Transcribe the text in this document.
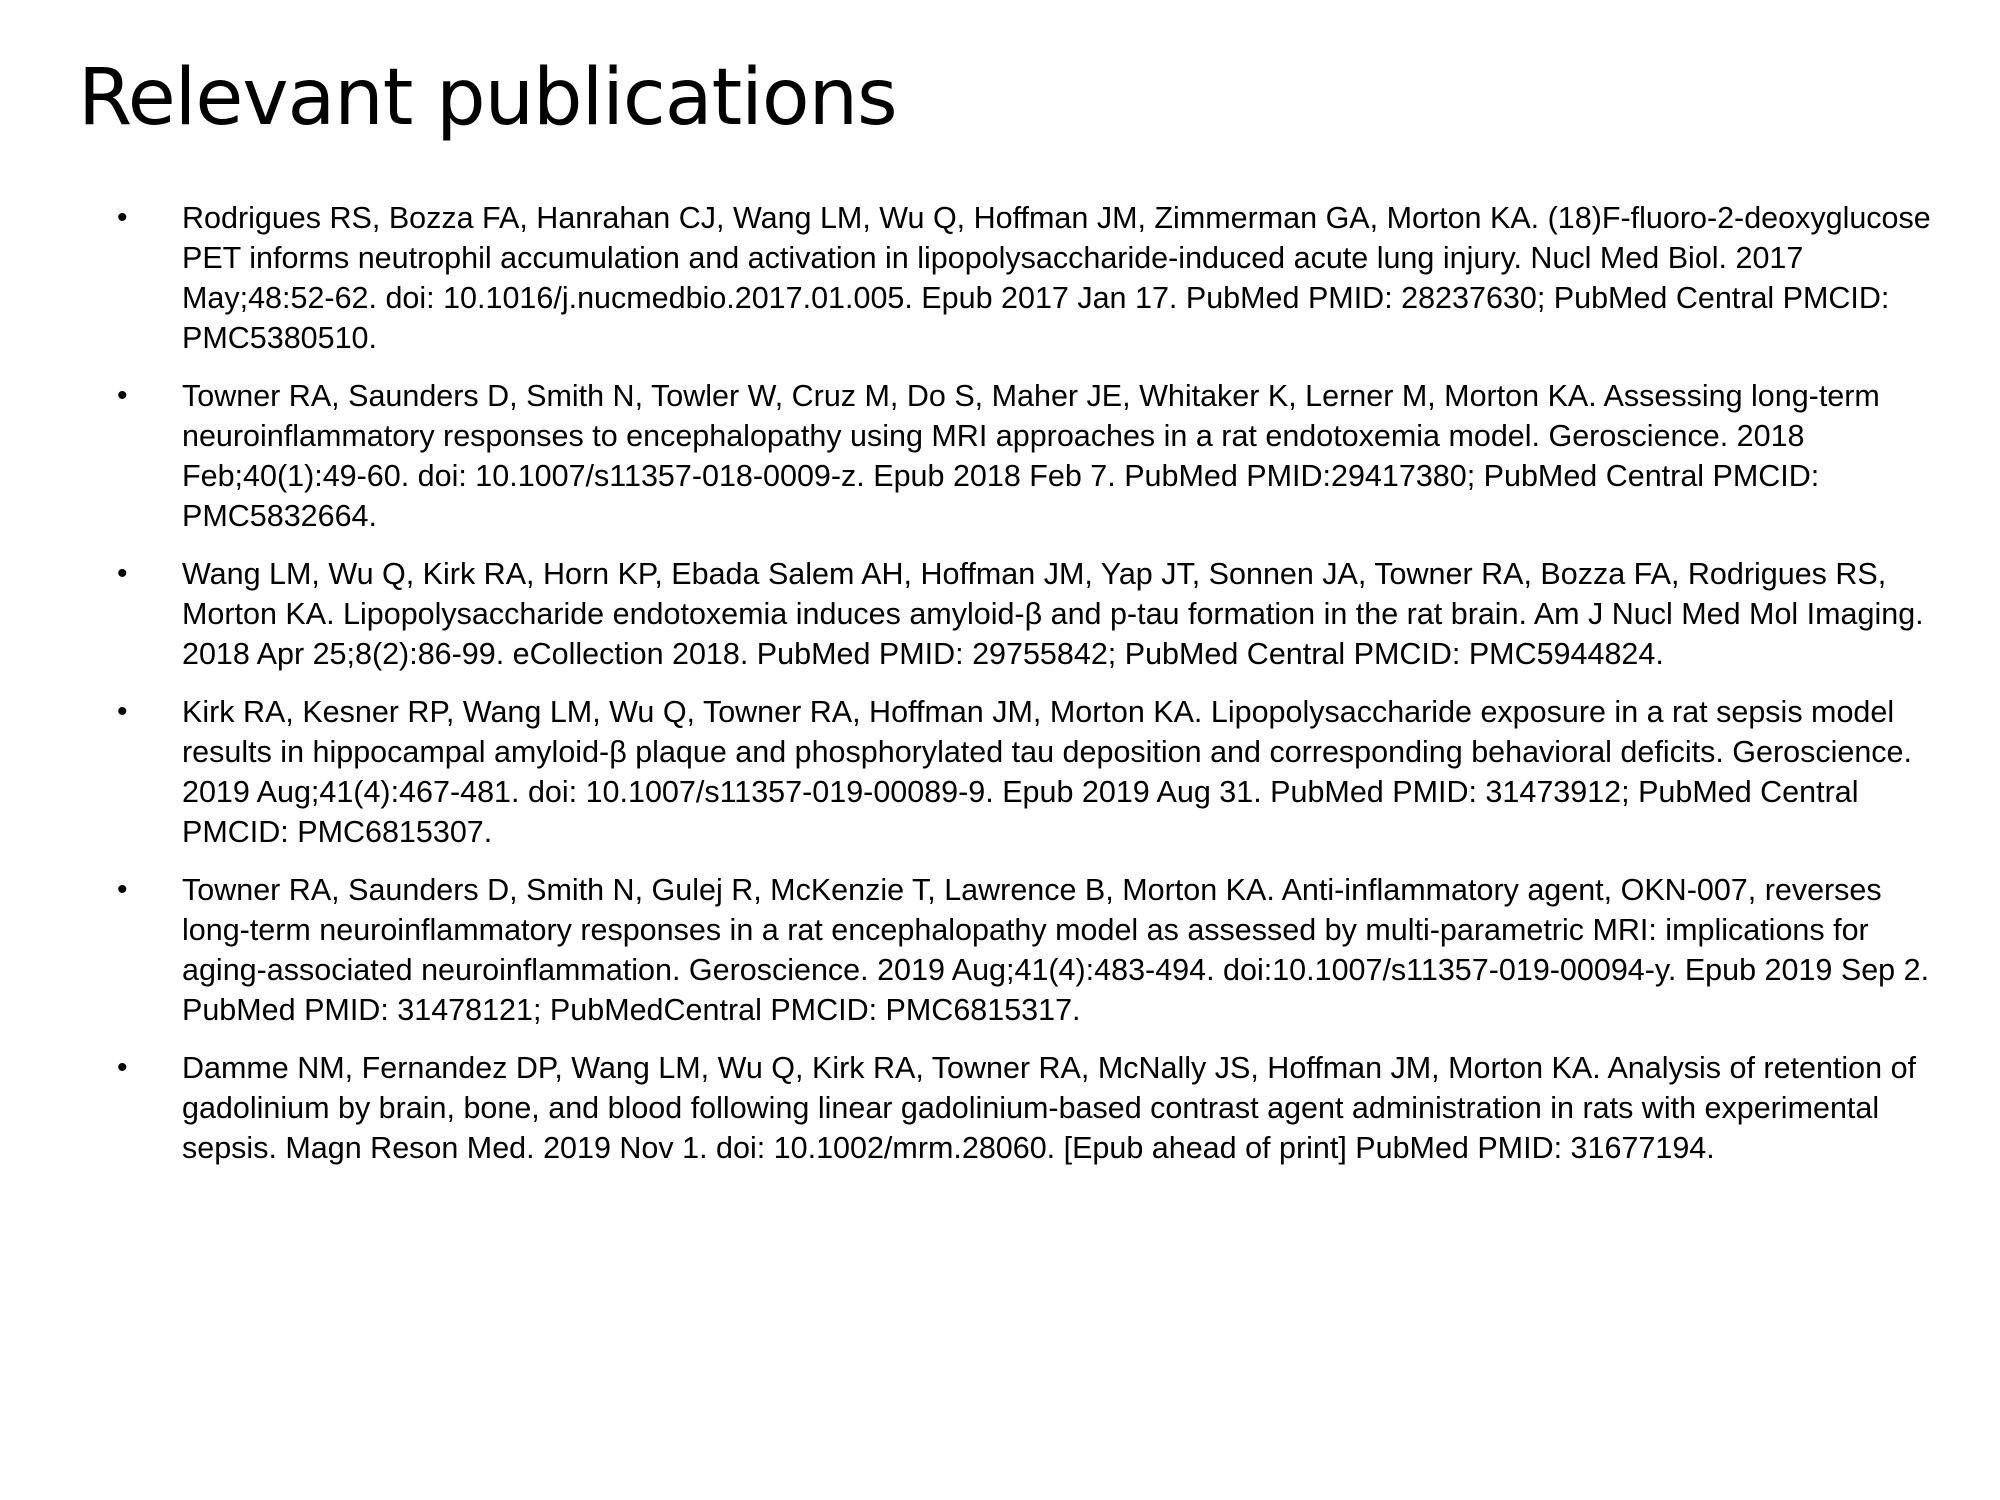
Relevant publications
• Rodrigues RS, Bozza FA, Hanrahan CJ, Wang LM, Wu Q, Hoffman JM, Zimmerman GA, Morton KA. (18)F-fluoro-2-deoxyglucose PET informs neutrophil accumulation and activation in lipopolysaccharide-induced acute lung injury. Nucl Med Biol. 2017 May;48:52-62. doi: 10.1016/j.nucmedbio.2017.01.005. Epub 2017 Jan 17. PubMed PMID: 28237630; PubMed Central PMCID: PMC5380510.
• Towner RA, Saunders D, Smith N, Towler W, Cruz M, Do S, Maher JE, Whitaker K, Lerner M, Morton KA. Assessing long-term neuroinflammatory responses to encephalopathy using MRI approaches in a rat endotoxemia model. Geroscience. 2018 Feb;40(1):49-60. doi: 10.1007/s11357-018-0009-z. Epub 2018 Feb 7. PubMed PMID:29417380; PubMed Central PMCID: PMC5832664.
• Wang LM, Wu Q, Kirk RA, Horn KP, Ebada Salem AH, Hoffman JM, Yap JT, Sonnen JA, Towner RA, Bozza FA, Rodrigues RS, Morton KA. Lipopolysaccharide endotoxemia induces amyloid-β and p-tau formation in the rat brain. Am J Nucl Med Mol Imaging. 2018 Apr 25;8(2):86-99. eCollection 2018. PubMed PMID: 29755842; PubMed Central PMCID: PMC5944824.
• Kirk RA, Kesner RP, Wang LM, Wu Q, Towner RA, Hoffman JM, Morton KA. Lipopolysaccharide exposure in a rat sepsis model results in hippocampal amyloid-β plaque and phosphorylated tau deposition and corresponding behavioral deficits. Geroscience. 2019 Aug;41(4):467-481. doi: 10.1007/s11357-019-00089-9. Epub 2019 Aug 31. PubMed PMID: 31473912; PubMed Central PMCID: PMC6815307.
• Towner RA, Saunders D, Smith N, Gulej R, McKenzie T, Lawrence B, Morton KA. Anti-inflammatory agent, OKN-007, reverses long-term neuroinflammatory responses in a rat encephalopathy model as assessed by multi-parametric MRI: implications for aging-associated neuroinflammation. Geroscience. 2019 Aug;41(4):483-494. doi:10.1007/s11357-019-00094-y. Epub 2019 Sep 2. PubMed PMID: 31478121; PubMedCentral PMCID: PMC6815317.
• Damme NM, Fernandez DP, Wang LM, Wu Q, Kirk RA, Towner RA, McNally JS, Hoffman JM, Morton KA. Analysis of retention of gadolinium by brain, bone, and blood following linear gadolinium-based contrast agent administration in rats with experimental sepsis. Magn Reson Med. 2019 Nov 1. doi: 10.1002/mrm.28060. [Epub ahead of print] PubMed PMID: 31677194.
